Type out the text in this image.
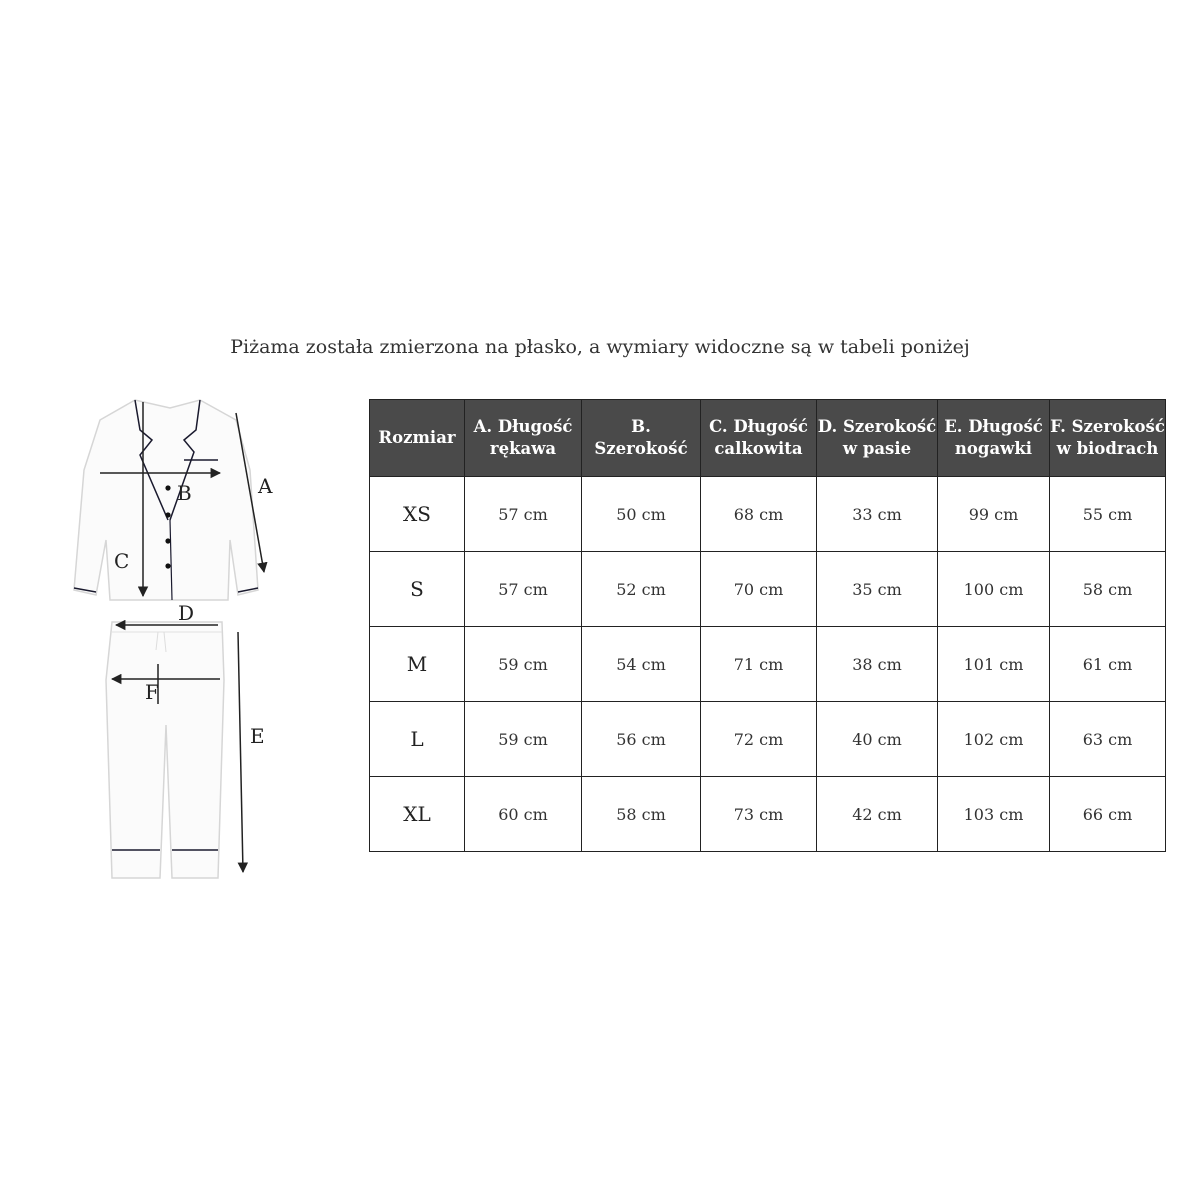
Piżama została zmierzona na płasko, a wymiary widoczne są w tabeli poniżej
A
B
C
D
E
F
Rozmiar	A. Długość rękawa	B. Szerokość	C. Długość calkowita	D. Szerokość w pasie	E. Długość nogawki	F. Szerokość w biodrach
XS	57 cm	50 cm	68 cm	33 cm	99 cm	55 cm
S	57 cm	52 cm	70 cm	35 cm	100 cm	58 cm
M	59 cm	54 cm	71 cm	38 cm	101 cm	61 cm
L	59 cm	56 cm	72 cm	40 cm	102 cm	63 cm
XL	60 cm	58 cm	73 cm	42 cm	103 cm	66 cm
